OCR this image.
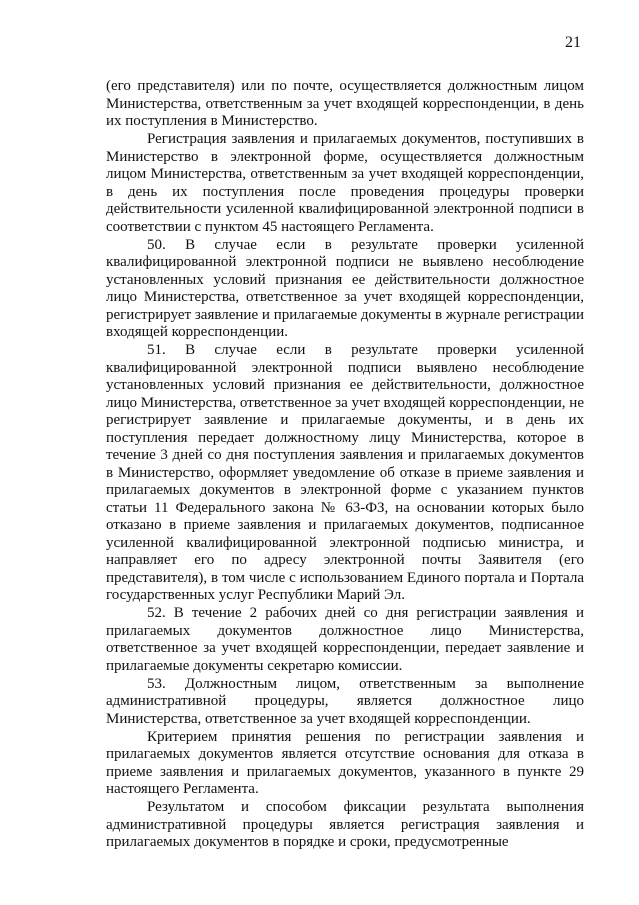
21

(его представителя) или по почте, осуществляется должностным лицом Министерства, ответственным за учет входящей корреспонденции, в день их поступления в Министерство.

Регистрация заявления и прилагаемых документов, поступивших в Министерство в электронной форме, осуществляется должностным лицом Министерства, ответственным за учет входящей корреспонденции, в день их поступления после проведения процедуры проверки действительности усиленной квалифицированной электронной подписи в соответствии с пунктом 45 настоящего Регламента.

50. В случае если в результате проверки усиленной квалифицированной электронной подписи не выявлено несоблюдение установленных условий признания ее действительности должностное лицо Министерства, ответственное за учет входящей корреспонденции, регистрирует заявление и прилагаемые документы в журнале регистрации входящей корреспонденции.

51. В случае если в результате проверки усиленной квалифицированной электронной подписи выявлено несоблюдение установленных условий признания ее действительности, должностное лицо Министерства, ответственное за учет входящей корреспонденции, не регистрирует заявление и прилагаемые документы, и в день их поступления передает должностному лицу Министерства, которое в течение 3 дней со дня поступления заявления и прилагаемых документов в Министерство, оформляет уведомление об отказе в приеме заявления и прилагаемых документов в электронной форме с указанием пунктов статьи 11 Федерального закона № 63-ФЗ, на основании которых было отказано в приеме заявления и прилагаемых документов, подписанное усиленной квалифицированной электронной подписью министра, и направляет его по адресу электронной почты Заявителя (его представителя), в том числе с использованием Единого портала и Портала государственных услуг Республики Марий Эл.

52. В течение 2 рабочих дней со дня регистрации заявления и прилагаемых документов должностное лицо Министерства, ответственное за учет входящей корреспонденции, передает заявление и прилагаемые документы секретарю комиссии.

53. Должностным лицом, ответственным за выполнение административной процедуры, является должностное лицо Министерства, ответственное за учет входящей корреспонденции.

Критерием принятия решения по регистрации заявления и прилагаемых документов является отсутствие основания для отказа в приеме заявления и прилагаемых документов, указанного в пункте 29 настоящего Регламента.

Результатом и способом фиксации результата выполнения административной процедуры является регистрация заявления и прилагаемых документов в порядке и сроки, предусмотренные
